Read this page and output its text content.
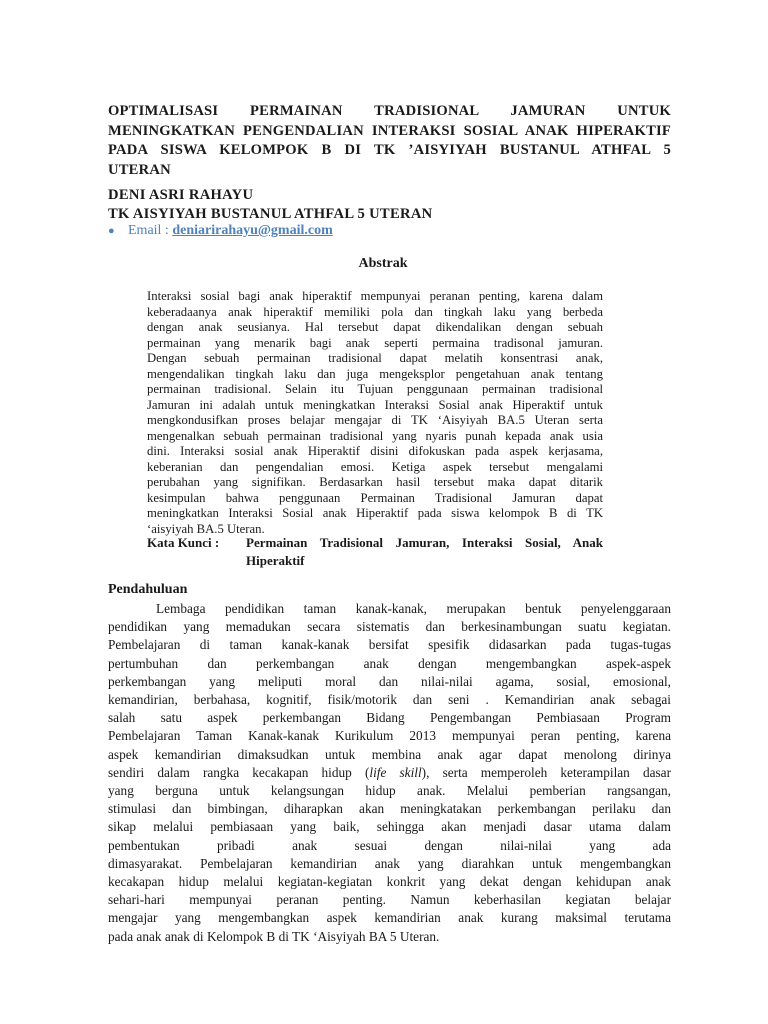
OPTIMALISASI PERMAINAN TRADISIONAL JAMURAN UNTUK
MENINGKATKAN PENGENDALIAN INTERAKSI SOSIAL ANAK HIPERAKTIF
PADA SISWA KELOMPOK B DI TK ’AISYIYAH BUSTANUL ATHFAL 5
UTERAN
DENI ASRI RAHAYU
TK AISYIYAH BUSTANUL ATHFAL 5 UTERAN
● Email : deniarirahayu@gmail.com
Abstrak
Interaksi sosial bagi anak hiperaktif mempunyai peranan penting, karena dalam
keberadaanya anak hiperaktif memiliki pola dan tingkah laku yang berbeda
dengan anak seusianya. Hal tersebut dapat dikendalikan dengan sebuah
permainan yang menarik bagi anak seperti permaina tradisonal jamuran.
Dengan sebuah permainan tradisional dapat melatih konsentrasi anak,
mengendalikan tingkah laku dan juga mengeksplor pengetahuan anak tentang
permainan tradisional. Selain itu Tujuan penggunaan permainan tradisional
Jamuran ini adalah untuk meningkatkan Interaksi Sosial anak Hiperaktif untuk
mengkondusifkan proses belajar mengajar di TK ‘Aisyiyah BA.5 Uteran serta
mengenalkan sebuah permainan tradisional yang nyaris punah kepada anak usia
dini. Interaksi sosial anak Hiperaktif disini difokuskan pada aspek kerjasama,
keberanian dan pengendalian emosi. Ketiga aspek tersebut mengalami
perubahan yang signifikan. Berdasarkan hasil tersebut maka dapat ditarik
kesimpulan bahwa penggunaan Permainan Tradisional Jamuran dapat
meningkatkan Interaksi Sosial anak Hiperaktif pada siswa kelompok B di TK
‘aisyiyah BA.5 Uteran.
Kata Kunci :	Permainan Tradisional Jamuran, Interaksi Sosial, Anak
Hiperaktif
Pendahuluan
Lembaga pendidikan taman kanak-kanak, merupakan bentuk penyelenggaraan
pendidikan yang memadukan secara sistematis dan berkesinambungan suatu kegiatan.
Pembelajaran di taman kanak-kanak bersifat spesifik didasarkan pada tugas-tugas
pertumbuhan dan perkembangan anak dengan mengembangkan aspek-aspek
perkembangan yang meliputi moral dan nilai-nilai agama, sosial, emosional,
kemandirian, berbahasa, kognitif, fisik/motorik dan seni . Kemandirian anak sebagai
salah satu aspek perkembangan Bidang Pengembangan Pembiasaan Program
Pembelajaran Taman Kanak-kanak Kurikulum 2013 mempunyai peran penting, karena
aspek kemandirian dimaksudkan untuk membina anak agar dapat menolong dirinya
sendiri dalam rangka kecakapan hidup (life skill), serta memperoleh keterampilan dasar
yang berguna untuk kelangsungan hidup anak. Melalui pemberian rangsangan,
stimulasi dan bimbingan, diharapkan akan meningkatakan perkembangan perilaku dan
sikap melalui pembiasaan yang baik, sehingga akan menjadi dasar utama dalam
pembentukan pribadi anak sesuai dengan nilai-nilai yang ada
dimasyarakat. Pembelajaran kemandirian anak yang diarahkan untuk mengembangkan
kecakapan hidup melalui kegiatan-kegiatan konkrit yang dekat dengan kehidupan anak
sehari-hari mempunyai peranan penting. Namun keberhasilan kegiatan belajar
mengajar yang mengembangkan aspek kemandirian anak kurang maksimal terutama
pada anak anak di Kelompok B di TK ‘Aisyiyah BA 5 Uteran.
